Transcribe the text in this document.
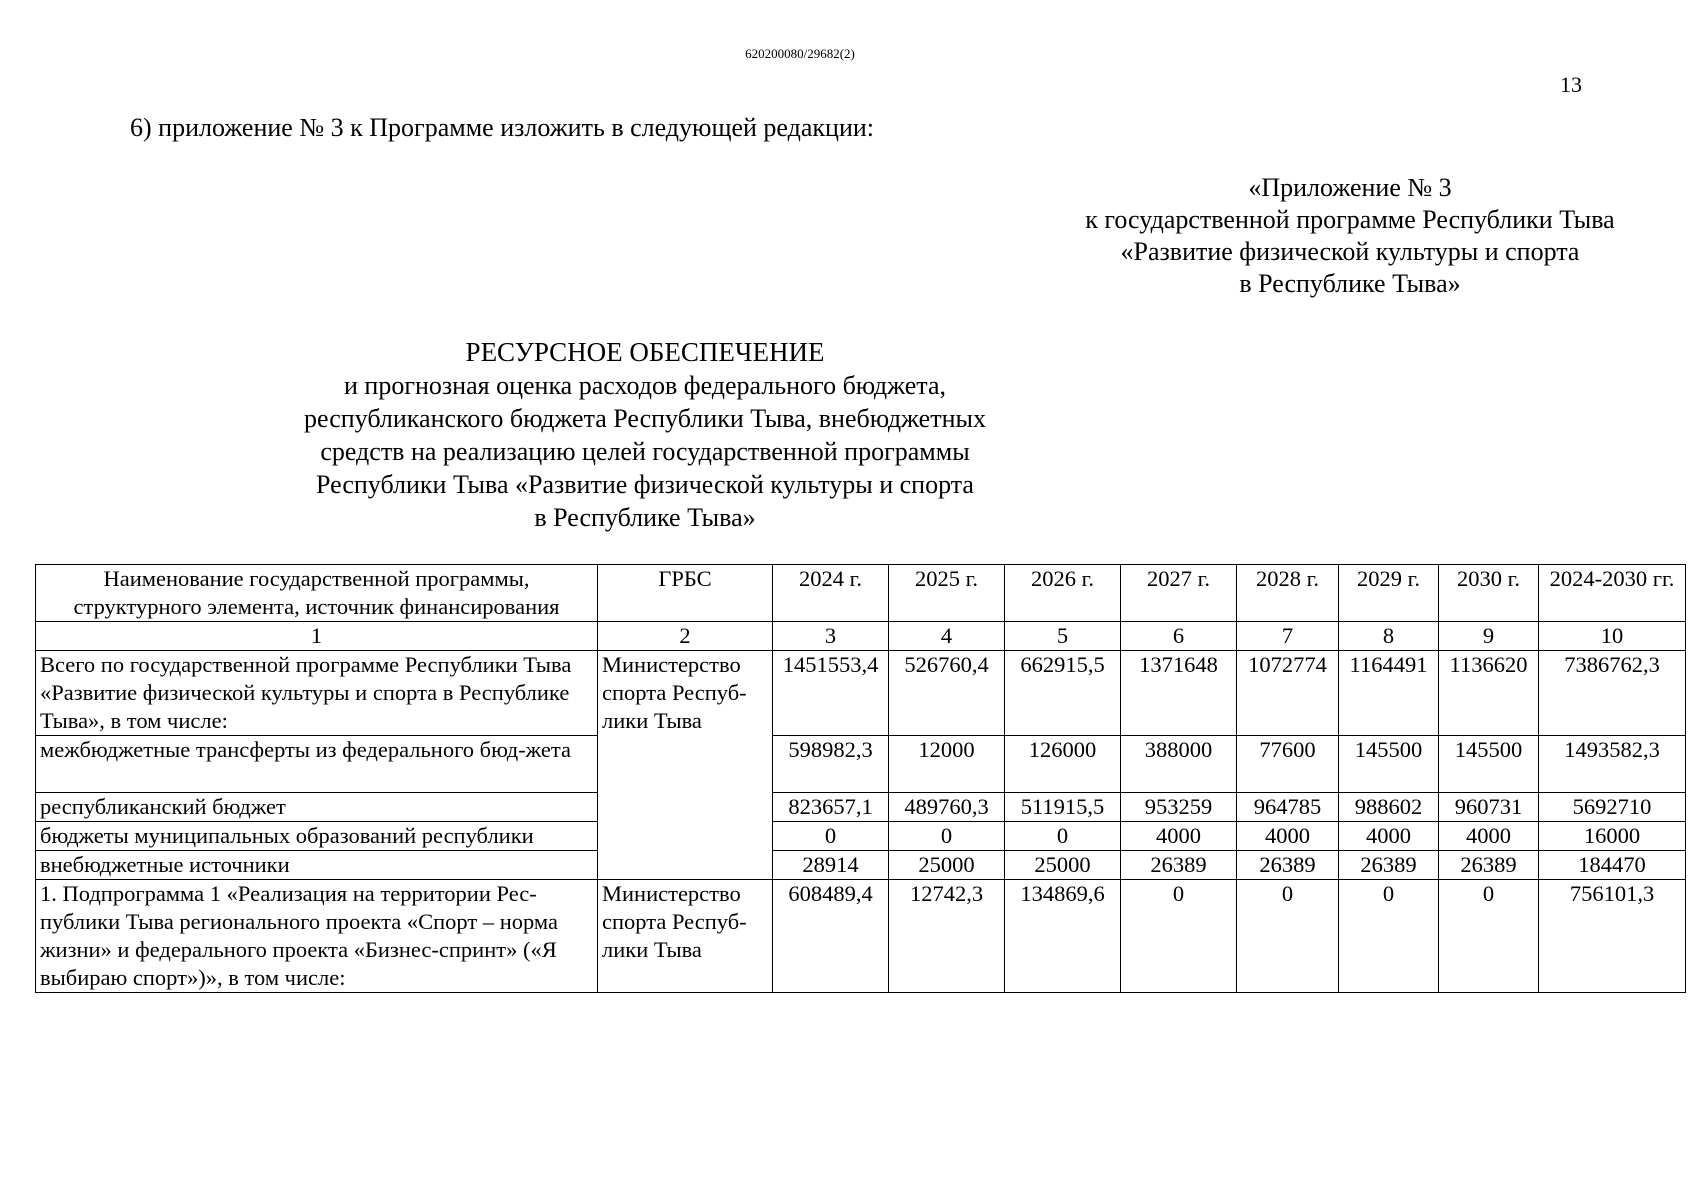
620200080/29682(2)
13
6) приложение № 3 к Программе изложить в следующей редакции:
«Приложение № 3
к государственной программе Республики Тыва
«Развитие физической культуры и спорта
в Республике Тыва»
РЕСУРСНОЕ ОБЕСПЕЧЕНИЕ
и прогнозная оценка расходов федерального бюджета,
республиканского бюджета Республики Тыва, внебюджетных
средств на реализацию целей государственной программы
Республики Тыва «Развитие физической культуры и спорта
в Республике Тыва»
Наименование государственной программы, структурного элемента, источник финансирования	ГРБС	2024 г.	2025 г.	2026 г.	2027 г.	2028 г.	2029 г.	2030 г.	2024-2030 гг.
1	2	3	4	5	6	7	8	9	10
Всего по государственной программе Республики Тыва «Развитие физической культуры и спорта в Республике Тыва», в том числе:	Министерство спорта Респуб-лики Тыва	1451553,4	526760,4	662915,5	1371648	1072774	1164491	1136620	7386762,3
межбюджетные трансферты из федерального бюд-жета		598982,3	12000	126000	388000	77600	145500	145500	1493582,3
республиканский бюджет		823657,1	489760,3	511915,5	953259	964785	988602	960731	5692710
бюджеты муниципальных образований республики		0	0	0	4000	4000	4000	4000	16000
внебюджетные источники		28914	25000	25000	26389	26389	26389	26389	184470
1. Подпрограмма 1 «Реализация на территории Рес-публики Тыва регионального проекта «Спорт – норма жизни» и федерального проекта «Бизнес-спринт» («Я выбираю спорт»)», в том числе:	Министерство спорта Респуб-лики Тыва	608489,4	12742,3	134869,6	0	0	0	0	756101,3
